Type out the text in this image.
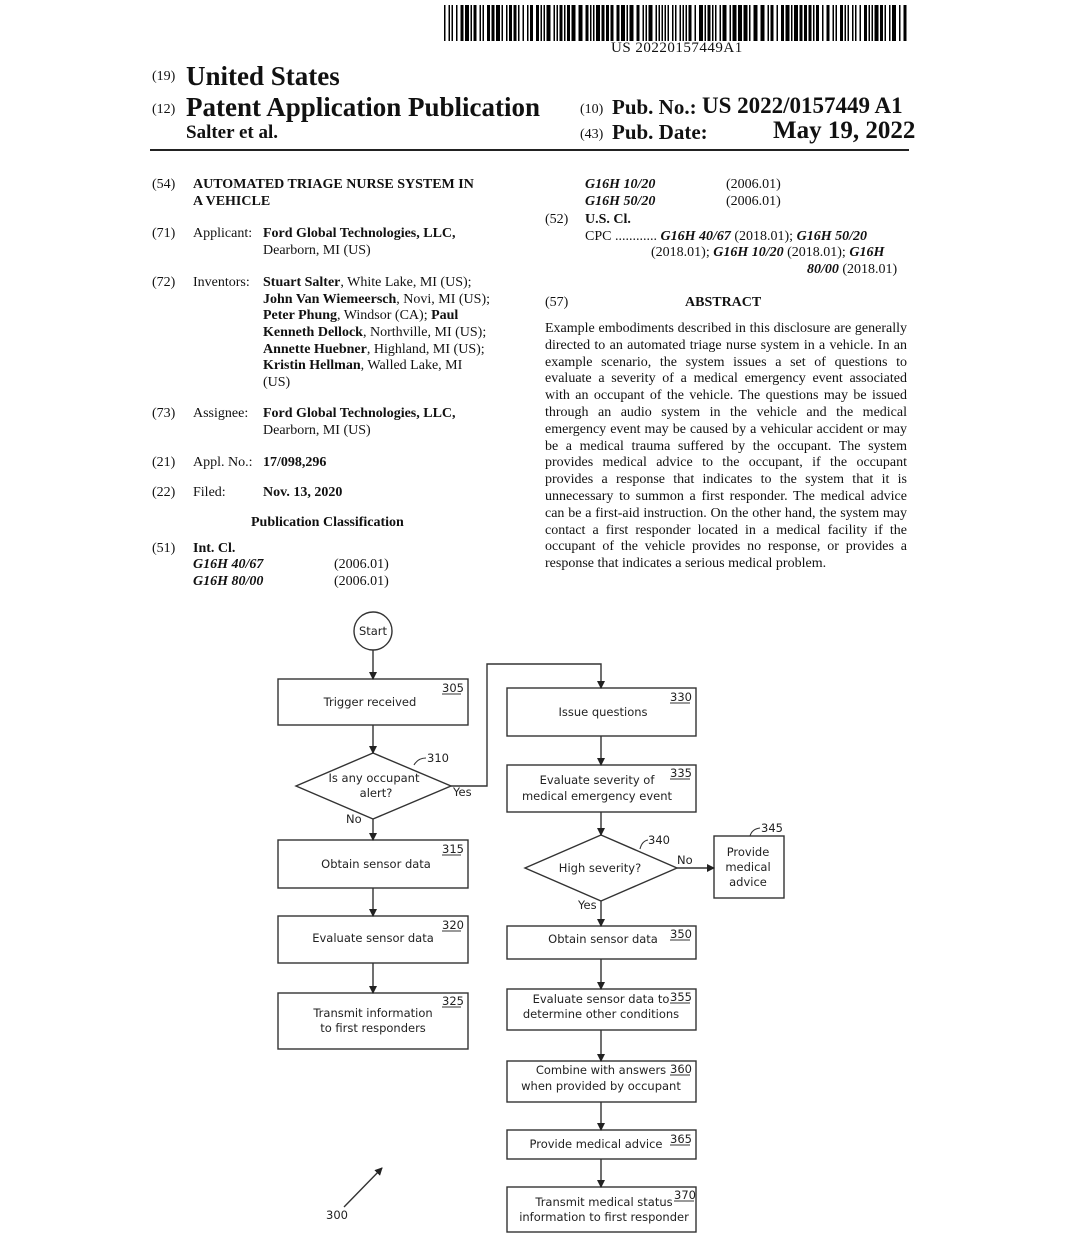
US 20220157449A1
(19) United States
(12) Patent Application Publication
Salter et al.
(10) Pub. No.: US 2022/0157449 A1
(43) Pub. Date:	May 19, 2022
(54) AUTOMATED TRIAGE NURSE SYSTEM IN
A VEHICLE
(71) Applicant: Ford Global Technologies, LLC,
Dearborn, MI (US)
(72) Inventors: Stuart Salter, White Lake, MI (US);
John Van Wiemeersch, Novi, MI (US);
Peter Phung, Windsor (CA); Paul
Kenneth Dellock, Northville, MI (US);
Annette Huebner, Highland, MI (US);
Kristin Hellman, Walled Lake, MI
(US)
(73) Assignee: Ford Global Technologies, LLC,
Dearborn, MI (US)
(21) Appl. No.: 17/098,296
(22) Filed:	Nov. 13, 2020
Publication Classification
(51) Int. Cl.
G16H 40/67	(2006.01)
G16H 80/00	(2006.01)
G16H 10/20	(2006.01)
G16H 50/20	(2006.01)
(52) U.S. Cl.
CPC ............ G16H 40/67 (2018.01); G16H 50/20
(2018.01); G16H 10/20 (2018.01); G16H
80/00 (2018.01)
(57)	ABSTRACT
Example embodiments described in this disclosure are generally directed to an automated triage nurse system in a vehicle. In an example scenario, the system issues a set of questions to evaluate a severity of a medical emergency event associated with an occupant of the vehicle. The questions may be issued through an audio system in the vehicle and the medical emergency event may be caused by a vehicular accident or may be a medical trauma suffered by the occupant. The system provides medical advice to the occupant, if the occupant provides a response that indicates to the system that it is unnecessary to summon a first responder. The medical advice can be a first-aid instruction. On the other hand, the system may contact a first responder located in a medical facility if the occupant of the vehicle provides no response, or provides a response that indicates a serious medical problem.
Start
Trigger received
Is any occupant
alert?
Obtain sensor data
Evaluate sensor data
Transmit information
to first responders
Issue questions
Evaluate severity of
medical emergency event
High severity?
Provide
medical
advice
Obtain sensor data
Evaluate sensor data to
determine other conditions
Combine with answers
when provided by occupant
Provide medical advice
Transmit medical status
information to first responder
Yes
No
No
Yes
305
310
315
320
325
330
335
340
345
350
355
360
365
370
300
